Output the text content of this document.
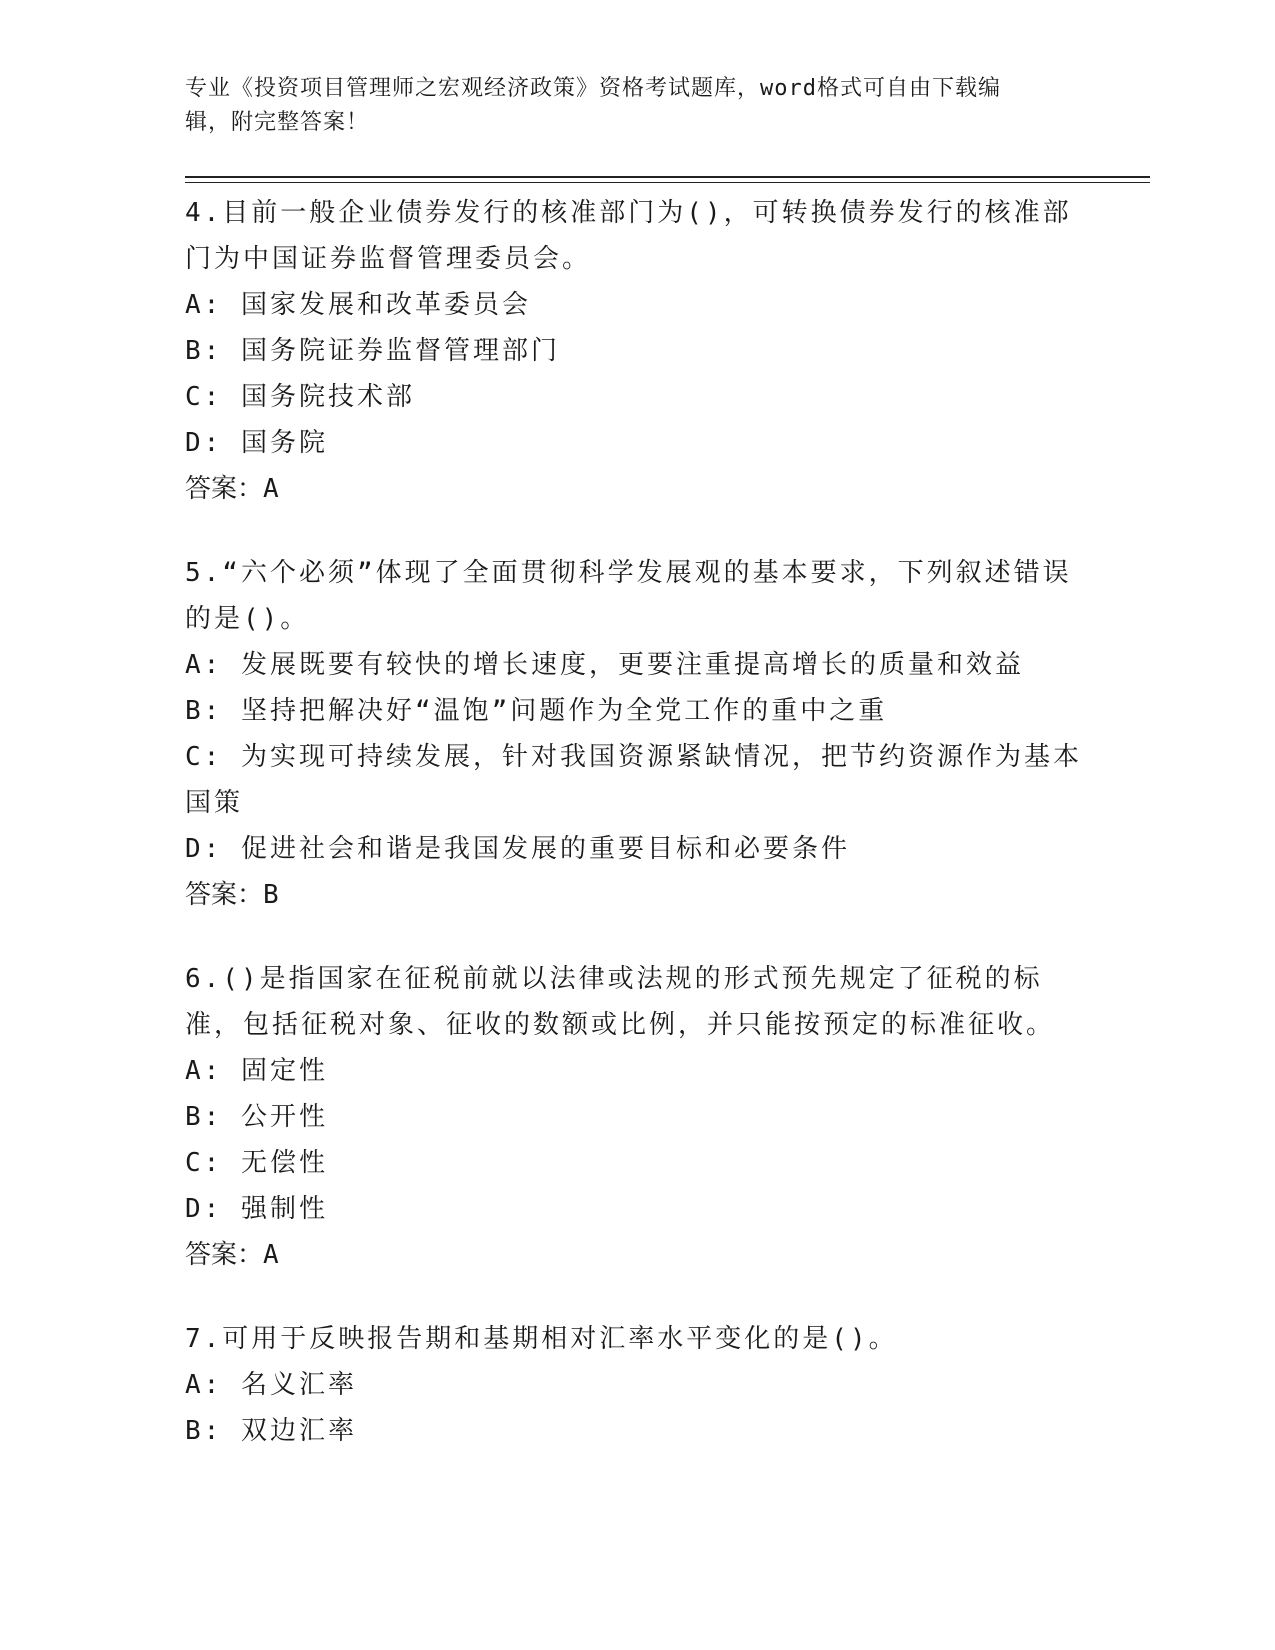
专业《投资项目管理师之宏观经济政策》资格考试题库，word格式可自由下载编
辑，附完整答案！
4.目前一般企业债券发行的核准部门为()，可转换债券发行的核准部门为中国证券监督管理委员会。
A: 国家发展和改革委员会
B: 国务院证券监督管理部门
C: 国务院技术部
D: 国务院
答案：A
5.“六个必须”体现了全面贯彻科学发展观的基本要求，下列叙述错误的是()。
A: 发展既要有较快的增长速度，更要注重提高增长的质量和效益
B: 坚持把解决好“温饱”问题作为全党工作的重中之重
C: 为实现可持续发展，针对我国资源紧缺情况，把节约资源作为基本国策
D: 促进社会和谐是我国发展的重要目标和必要条件
答案：B
6.()是指国家在征税前就以法律或法规的形式预先规定了征税的标准，包括征税对象、征收的数额或比例，并只能按预定的标准征收。
A: 固定性
B: 公开性
C: 无偿性
D: 强制性
答案：A
7.可用于反映报告期和基期相对汇率水平变化的是()。
A: 名义汇率
B: 双边汇率
